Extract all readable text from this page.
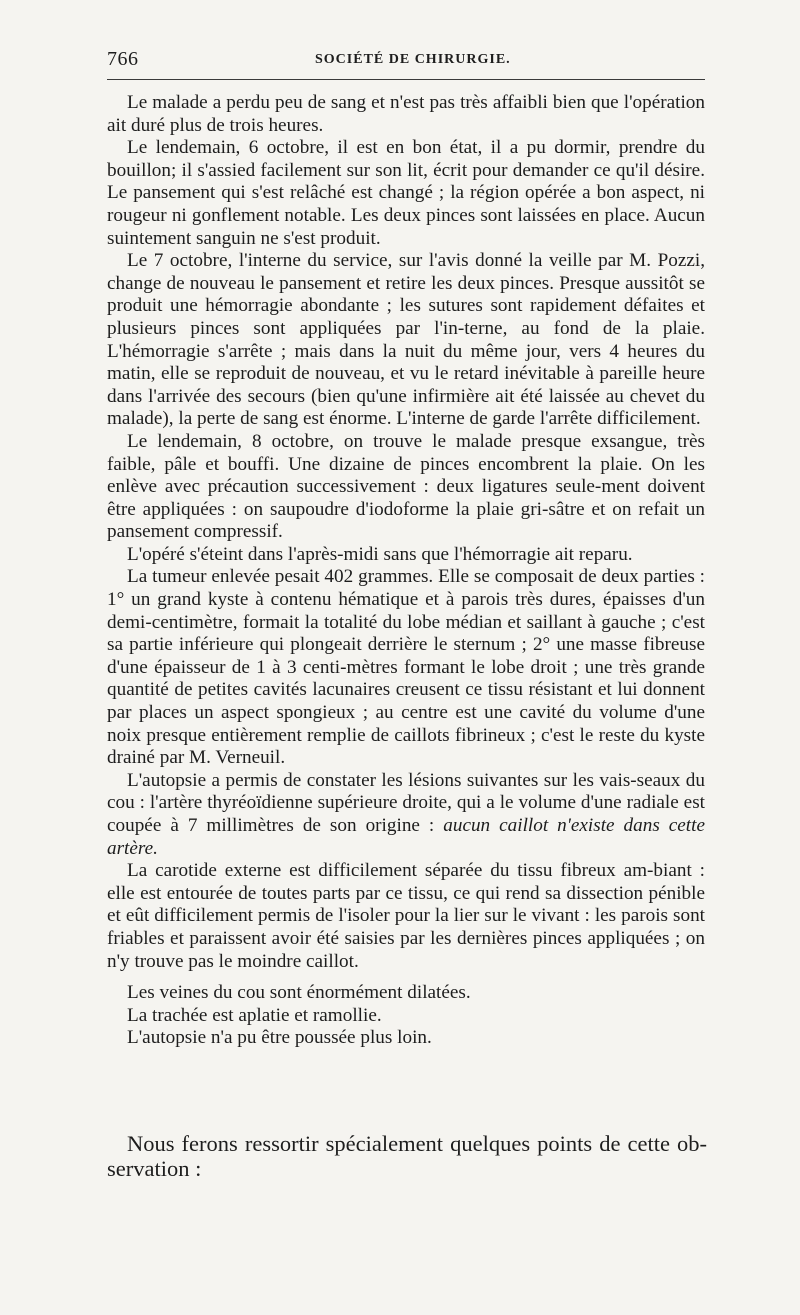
766	SOCIÉTÉ DE CHIRURGIE.

Le malade a perdu peu de sang et n'est pas très affaibli bien que l'opération ait duré plus de trois heures.

Le lendemain, 6 octobre, il est en bon état, il a pu dormir, prendre du bouillon; il s'assied facilement sur son lit, écrit pour demander ce qu'il désire. Le pansement qui s'est relâché est changé ; la région opérée a bon aspect, ni rougeur ni gonflement notable. Les deux pinces sont laissées en place. Aucun suintement sanguin ne s'est produit.

Le 7 octobre, l'interne du service, sur l'avis donné la veille par M. Pozzi, change de nouveau le pansement et retire les deux pinces. Presque aussitôt se produit une hémorragie abondante ; les sutures sont rapidement défaites et plusieurs pinces sont appliquées par l'in-terne, au fond de la plaie. L'hémorragie s'arrête ; mais dans la nuit du même jour, vers 4 heures du matin, elle se reproduit de nouveau, et vu le retard inévitable à pareille heure dans l'arrivée des secours (bien qu'une infirmière ait été laissée au chevet du malade), la perte de sang est énorme. L'interne de garde l'arrête difficilement.

Le lendemain, 8 octobre, on trouve le malade presque exsangue, très faible, pâle et bouffi. Une dizaine de pinces encombrent la plaie. On les enlève avec précaution successivement : deux ligatures seule-ment doivent être appliquées : on saupoudre d'iodoforme la plaie gri-sâtre et on refait un pansement compressif.

L'opéré s'éteint dans l'après-midi sans que l'hémorragie ait reparu.

La tumeur enlevée pesait 402 grammes. Elle se composait de deux parties : 1° un grand kyste à contenu hématique et à parois très dures, épaisses d'un demi-centimètre, formait la totalité du lobe médian et saillant à gauche ; c'est sa partie inférieure qui plongeait derrière le sternum ; 2° une masse fibreuse d'une épaisseur de 1 à 3 centi-mètres formant le lobe droit ; une très grande quantité de petites cavités lacunaires creusent ce tissu résistant et lui donnent par places un aspect spongieux ; au centre est une cavité du volume d'une noix presque entièrement remplie de caillots fibrineux ; c'est le reste du kyste drainé par M. Verneuil.

L'autopsie a permis de constater les lésions suivantes sur les vais-seaux du cou : l'artère thyréoïdienne supérieure droite, qui a le volume d'une radiale est coupée à 7 millimètres de son origine : aucun caillot n'existe dans cette artère.

La carotide externe est difficilement séparée du tissu fibreux am-biant : elle est entourée de toutes parts par ce tissu, ce qui rend sa dissection pénible et eût difficilement permis de l'isoler pour la lier sur le vivant : les parois sont friables et paraissent avoir été saisies par les dernières pinces appliquées ; on n'y trouve pas le moindre caillot.

Les veines du cou sont énormément dilatées.

La trachée est aplatie et ramollie.

L'autopsie n'a pu être poussée plus loin.

Nous ferons ressortir spécialement quelques points de cette ob-servation :
